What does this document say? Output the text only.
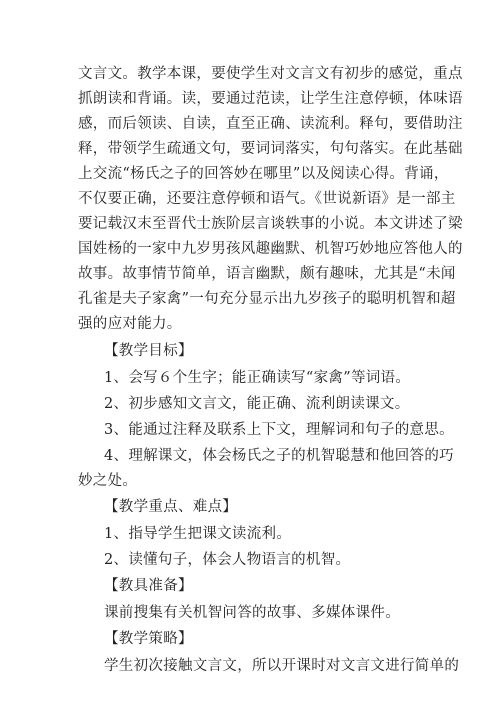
文言文。教学本课，要使学生对文言文有初步的感觉，重点
抓朗读和背诵。读，要通过范读，让学生注意停顿，体味语
感，而后领读、自读，直至正确、读流利。释句，要借助注
释，带领学生疏通文句，要词词落实，句句落实。在此基础
上交流“杨氏之子的回答妙在哪里”以及阅读心得。背诵，
不仅要正确，还要注意停顿和语气。《世说新语》是一部主
要记载汉末至晋代士族阶层言谈轶事的小说。本文讲述了梁
国姓杨的一家中九岁男孩风趣幽默、机智巧妙地应答他人的
故事。故事情节简单，语言幽默，颇有趣味，尤其是“未闻
孔雀是夫子家禽”一句充分显示出九岁孩子的聪明机智和超
强的应对能力。
【教学目标】
1、会写６个生字；能正确读写“家禽”等词语。
2、初步感知文言文，能正确、流利朗读课文。
3、能通过注释及联系上下文，理解词和句子的意思。
4、理解课文，体会杨氏之子的机智聪慧和他回答的巧
妙之处。
【教学重点、难点】
1、指导学生把课文读流利。
2、读懂句子，体会人物语言的机智。
【教具准备】
课前搜集有关机智问答的故事、多媒体课件。
【教学策略】
学生初次接触文言文，所以开课时对文言文进行简单的
